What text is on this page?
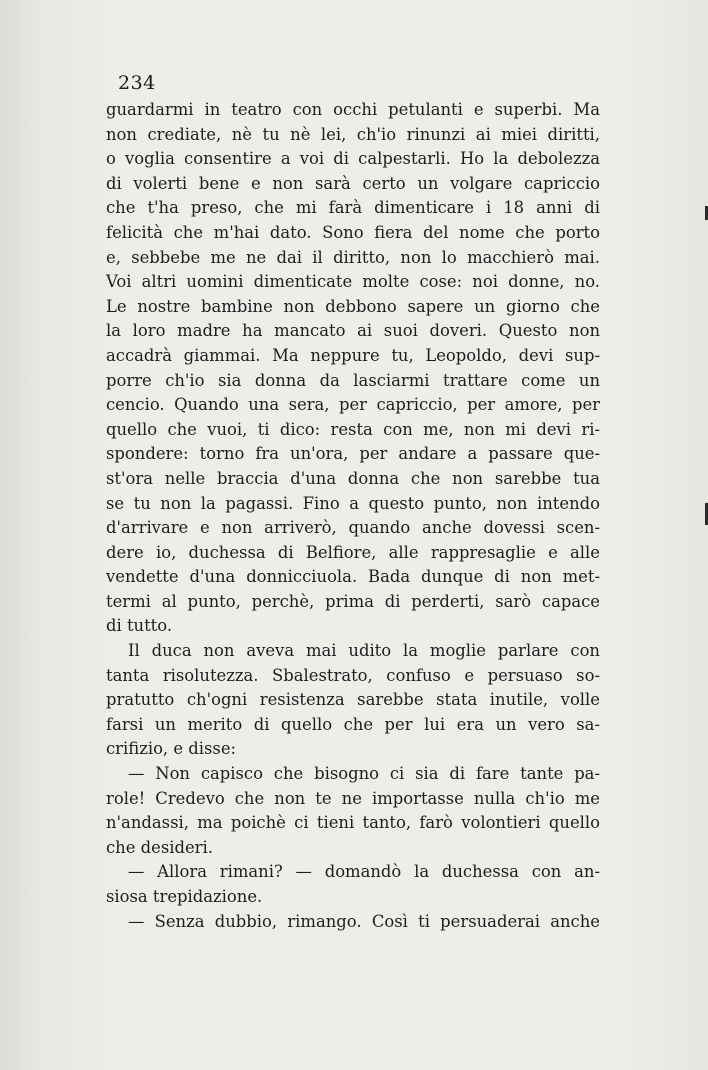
234
guardarmi in teatro con occhi petulanti e superbi. Ma
non crediate, nè tu nè lei, ch'io rinunzi ai miei diritti,
o voglia consentire a voi di calpestarli. Ho la debolezza
di volerti bene e non sarà certo un volgare capriccio
che t'ha preso, che mi farà dimenticare i 18 anni di
felicità che m'hai dato. Sono fiera del nome che porto
e, sebbebe me ne dai il diritto, non lo macchierò mai.
Voi altri uomini dimenticate molte cose: noi donne, no.
Le nostre bambine non debbono sapere un giorno che
la loro madre ha mancato ai suoi doveri. Questo non
accadrà giammai. Ma neppure tu, Leopoldo, devi sup-
porre ch'io sia donna da lasciarmi trattare come un
cencio. Quando una sera, per capriccio, per amore, per
quello che vuoi, ti dico: resta con me, non mi devi ri-
spondere: torno fra un'ora, per andare a passare que-
st'ora nelle braccia d'una donna che non sarebbe tua
se tu non la pagassi. Fino a questo punto, non intendo
d'arrivare e non arriverò, quando anche dovessi scen-
dere io, duchessa di Belfiore, alle rappresaglie e alle
vendette d'una donnicciuola. Bada dunque di non met-
termi al punto, perchè, prima di perderti, sarò capace
di tutto.
Il duca non aveva mai udito la moglie parlare con
tanta risolutezza. Sbalestrato, confuso e persuaso so-
pratutto ch'ogni resistenza sarebbe stata inutile, volle
farsi un merito di quello che per lui era un vero sa-
crifizio, e disse:
— Non capisco che bisogno ci sia di fare tante pa-
role! Credevo che non te ne importasse nulla ch'io me
n'andassi, ma poichè ci tieni tanto, farò volontieri quello
che desideri.
— Allora rimani? — domandò la duchessa con an-
siosa trepidazione.
— Senza dubbio, rimango. Così ti persuaderai anche
